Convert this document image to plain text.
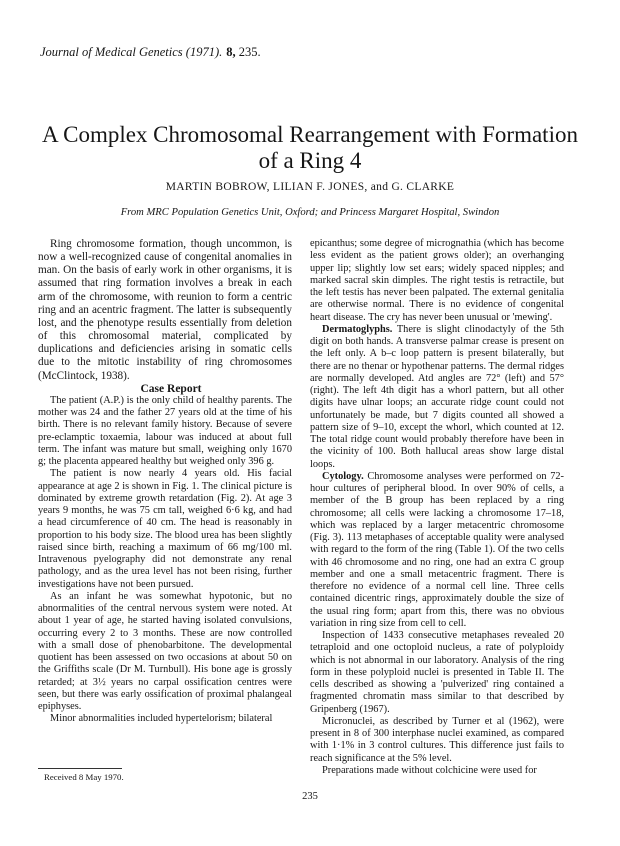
Journal of Medical Genetics (1971). 8, 235.
A Complex Chromosomal Rearrangement with Formation of a Ring 4
MARTIN BOBROW, LILIAN F. JONES, and G. CLARKE
From MRC Population Genetics Unit, Oxford; and Princess Margaret Hospital, Swindon

Ring chromosome formation, though uncommon, is now a well-recognized cause of congenital anomalies in man. On the basis of early work in other organisms, it is assumed that ring formation involves a break in each arm of the chromosome, with reunion to form a centric ring and an acentric fragment. The latter is subsequently lost, and the phenotype results essentially from deletion of this chromosomal material, complicated by duplications and deficiencies arising in somatic cells due to the mitotic instability of ring chromosomes (McClintock, 1938).

Case Report

The patient (A.P.) is the only child of healthy parents. The mother was 24 and the father 27 years old at the time of his birth. There is no relevant family history. Because of severe pre-eclamptic toxaemia, labour was induced at about full term. The infant was mature but small, weighing only 1670 g; the placenta appeared healthy but weighed only 396 g.

The patient is now nearly 4 years old. His facial appearance at age 2 is shown in Fig. 1. The clinical picture is dominated by extreme growth retardation (Fig. 2). At age 3 years 9 months, he was 75 cm tall, weighed 6·6 kg, and had a head circumference of 40 cm. The head is reasonably in proportion to his body size. The blood urea has been slightly raised since birth, reaching a maximum of 66 mg/100 ml. Intravenous pyelography did not demonstrate any renal pathology, and as the urea level has not been rising, further investigations have not been pursued.

As an infant he was somewhat hypotonic, but no abnormalities of the central nervous system were noted. At about 1 year of age, he started having isolated convulsions, occurring every 2 to 3 months. These are now controlled with a small dose of phenobarbitone. The developmental quotient has been assessed on two occasions at about 50 on the Griffiths scale (Dr M. Turnbull). His bone age is grossly retarded; at 3½ years no carpal ossification centres were seen, but there was early ossification of proximal phalangeal epiphyses.

Minor abnormalities included hypertelorism; bilateral

epicanthus; some degree of micrognathia (which has become less evident as the patient grows older); an overhanging upper lip; slightly low set ears; widely spaced nipples; and marked sacral skin dimples. The right testis is retractile, but the left testis has never been palpated. The external genitalia are otherwise normal. There is no evidence of congenital heart disease. The cry has never been unusual or 'mewing'.

Dermatoglyphs. There is slight clinodactyly of the 5th digit on both hands. A transverse palmar crease is present on the left only. A b–c loop pattern is present bilaterally, but there are no thenar or hypothenar patterns. The dermal ridges are normally developed. Atd angles are 72° (left) and 57° (right). The left 4th digit has a whorl pattern, but all other digits have ulnar loops; an accurate ridge count could not unfortunately be made, but 7 digits counted all showed a pattern size of 9–10, except the whorl, which counted at 12. The total ridge count would probably therefore have been in the vicinity of 100. Both hallucal areas show large distal loops.

Cytology. Chromosome analyses were performed on 72-hour cultures of peripheral blood. In over 90% of cells, a member of the B group has been replaced by a ring chromosome; all cells were lacking a chromosome 17–18, which was replaced by a larger metacentric chromosome (Fig. 3). 113 metaphases of acceptable quality were analysed with regard to the form of the ring (Table 1). Of the two cells with 46 chromosome and no ring, one had an extra C group member and one a small metacentric fragment. There is therefore no evidence of a normal cell line. Three cells contained dicentric rings, approximately double the size of the usual ring form; apart from this, there was no obvious variation in ring size from cell to cell.

Inspection of 1433 consecutive metaphases revealed 20 tetraploid and one octoploid nucleus, a rate of polyploidy which is not abnormal in our laboratory. Analysis of the ring form in these polyploid nuclei is presented in Table II. The cells described as showing a 'pulverized' ring contained a fragmented chromatin mass similar to that described by Gripenberg (1967).

Micronuclei, as described by Turner et al (1962), were present in 8 of 300 interphase nuclei examined, as compared with 1·1% in 3 control cultures. This difference just fails to reach significance at the 5% level.

Preparations made without colchicine were used for

Received 8 May 1970.
235
